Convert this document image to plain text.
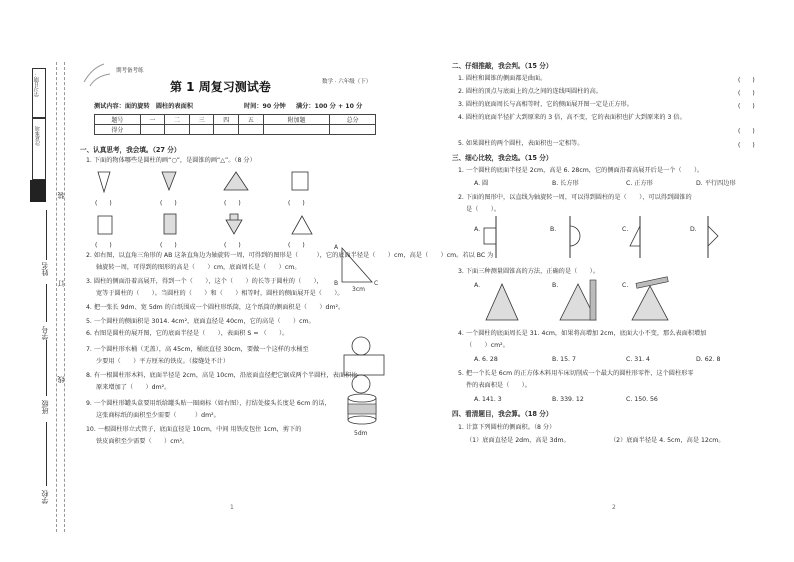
学习日期：
注意事项
装
订
线
学校
班级
姓名
学号
期考备考练
第 1 周复习测试卷	数学 · 六年级（下）
测试内容：面的旋转　圆柱的表面积	时间：90 分钟 满分：100 分 + 10 分
题号	一	二	三	四	五	附加题	总分
得分							
一、认真思考，我会填。（27 分）
1. 下面的物体哪些是圆柱的画“○”，是圆锥的画“△”。（8 分）
(　　)	(　　)	(　　)	(　　)
(　　)	(　　)	(　　)	(　　)	A
B	C
3cm
2. 如右图，以直角三角形的 AB 这条直角边为轴旋转一周，可得到的图形是（　　　），它的底面半径是（　　）cm，高是（　　）cm。若以 BC 为
轴旋转一周，可得到的图形的高是（　　）cm，底面周长是（　　）cm。
3. 圆柱的侧面沿着高展开，得到一个（　　），这个（　　）的长等于圆柱的（　　），
宽等于圆柱的（　　）。当圆柱的（　　）和（　　）相等时，圆柱的侧面展开是（　　）。
4. 把一张长 9dm、宽 5dm 的白纸围成一个圆柱形纸筒，这个纸筒的侧面积是（　　）dm²。
5. 一个圆柱的侧面积是 3014. 4cm²，底面直径是 40cm，它的高是（　　）cm。
6. 右图是圆柱的展开图，它的底面半径是（　　），表面积 S = （　　）。
7. 一个圆柱形水桶（无盖），高 45cm，桶底直径 30cm，要做一个这样的水桶至
少要用（　　）平方厘米的铁皮。（接缝处不计）
8. 有一根圆柱形木料，底面半径是 2cm，高是 10cm，沿底面直径把它锯成两个半圆柱，表面积比
原来增加了（　　）dm²。
5dm
9. 一个圆柱形罐头盒要用纸给罐头贴一圈商标（如右图），打结处接头长度是 6cm 的话，
这张商标纸的面积至少需要（　　　）dm²。
10. 一根圆柱形立式管子，底面直径是 10cm，中间 用铁皮包住 1cm，剪下的
铁皮面积至少需要（　　）cm²。
1
二、仔细推敲，我会判。（15 分）
1. 圆柱和圆锥的侧面都是曲面。	(　　)
2. 圆柱的顶点与底面上的点之间的连线叫圆柱的高。	(　　)
3. 圆柱的底面周长与高相等时，它的侧面展开图一定是正方形。	(　　)
4. 圆柱的底面半径扩大到原来的 3 倍，高不变，它的表面积也扩大到原来的 3 倍。
(　　)
5. 如果圆柱的两个圆柱，表面积也一定相等。	(　　)
三、细心比较，我会选。（15 分）
1. 一个圆柱的底面半径是 2cm，高是 6. 28cm，它的侧面沿着高展开后是一个（　　）。
A. 圆	B. 长方形	C. 正方形	D. 平行四边形
2. 下面的图形中，以直线为轴旋转一周，可以得到圆柱的是（　　），可以得到圆锥的
是（　　）。
A.	B.	C.	D.
3. 下面三种测量圆锥高的方法，正确的是（　　）。
A.	B.	C.
4. 一个圆柱的底面周长是 31. 4cm，如果将高增加 2cm，底面大小不变，那么表面积增加
（　　）cm²。
A. 6. 28	B. 15. 7	C. 31. 4	D. 62. 8
5. 把一个长是 6cm 的正方体木料用车床切削成一个最大的圆柱形零件，这个圆柱形零
件的表面积是（　　）。
A. 141. 3	B. 339. 12	C. 150. 56
四、看清题目，我会算。（18 分）
1. 计算下列圆柱的侧面积。（8 分）
（1）底面直径是 2dm，高是 3dm。	（2）底面半径是 4. 5cm，高是 12cm。
2
